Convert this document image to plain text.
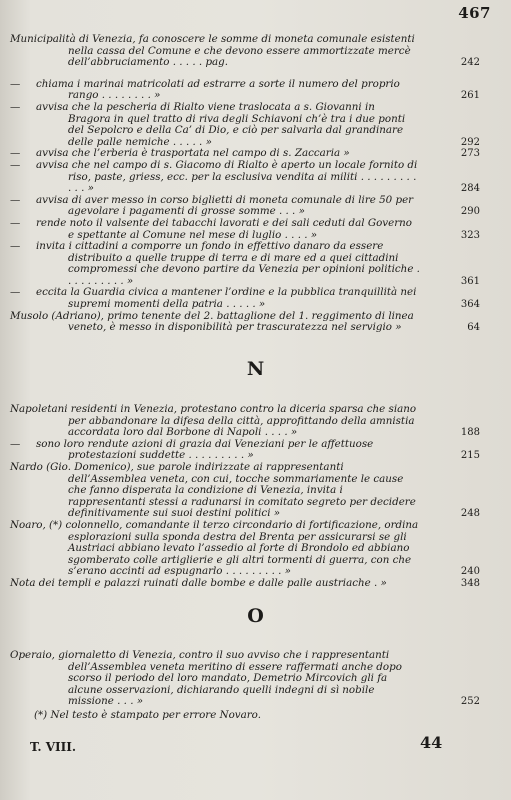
467
Municipalità di Venezia, fa conoscere le somme di moneta comunale esistenti nella cassa del Comune e che devono essere ammortizzate mercè dell’abbruciamento . . . . . pag.	242
— chiama i marinai matricolati ad estrarre a sorte il numero del proprio rango . . . . . . . . »	261
— avvisa che la pescheria di Rialto viene traslocata a s. Giovanni in Bragora in quel tratto di riva degli Schiavoni ch’è tra i due ponti del Sepolcro e della Ca’ di Dio, e ciò per salvarla dal grandinare delle palle nemiche . . . . . »	292
— avvisa che l’erberia è trasportata nel campo di s. Zaccaria »	273
— avvisa che nel campo di s. Giacomo di Rialto è aperto un locale fornito di riso, paste, griess, ecc. per la esclusiva vendita ai militi . . . . . . . . . . . . »	284
— avvisa di aver messo in corso biglietti di moneta comunale di lire 50 per agevolare i pagamenti di grosse somme . . . »	290
— rende noto il valsente dei tabacchi lavorati e dei sali ceduti dal Governo e spettante al Comune nel mese di luglio . . . . »	323
— invita i cittadini a comporre un fondo in effettivo danaro da essere distribuito a quelle truppe di terra e di mare ed a quei cittadini compromessi che devono partire da Venezia per opinioni politiche . . . . . . . . . . »	361
— eccita la Guardia civica a mantener l’ordine e la pubblica tranquillità nei supremi momenti della patria . . . . . »	364
Musolo (Adriano), primo tenente del 2. battaglione del 1. reggimento di linea veneto, è messo in disponibilità per trascuratezza nel servigio »	64
N
Napoletani residenti in Venezia, protestano contro la diceria sparsa che siano per abbandonare la difesa della città, approfittando della amnistia accordata loro dal Borbone di Napoli . . . . »	188
— sono loro rendute azioni di grazia dai Veneziani per le affettuose protestazioni suddette . . . . . . . . . »	215
Nardo (Gio. Domenico), sue parole indirizzate ai rappresentanti dell’Assemblea veneta, con cui, tocche sommariamente le cause che fanno disperata la condizione di Venezia, invita i rappresentanti stessi a radunarsi in comitato segreto per decidere definitivamente sui suoi destini politici »	248
Noaro, (*) colonnello, comandante il terzo circondario di fortificazione, ordina esplorazioni sulla sponda destra del Brenta per assicurarsi se gli Austriaci abbiano levato l’assedio al forte di Brondolo ed abbiano sgomberato colle artiglierie e gli altri tormenti di guerra, con che s’erano accinti ad espugnarlo . . . . . . . . . »	240
Nota dei templi e palazzi ruinati dalle bombe e dalle palle austriache . »	348
O
Operaio, giornaletto di Venezia, contro il suo avviso che i rappresentanti dell’Assemblea veneta meritino di essere raffermati anche dopo scorso il periodo del loro mandato, Demetrio Mircovich gli fa alcune osservazioni, dichiarando quelli indegni di sì nobile missione . . . »	252
(*) Nel testo è stampato per errore Novaro.
T. VIII.	44
